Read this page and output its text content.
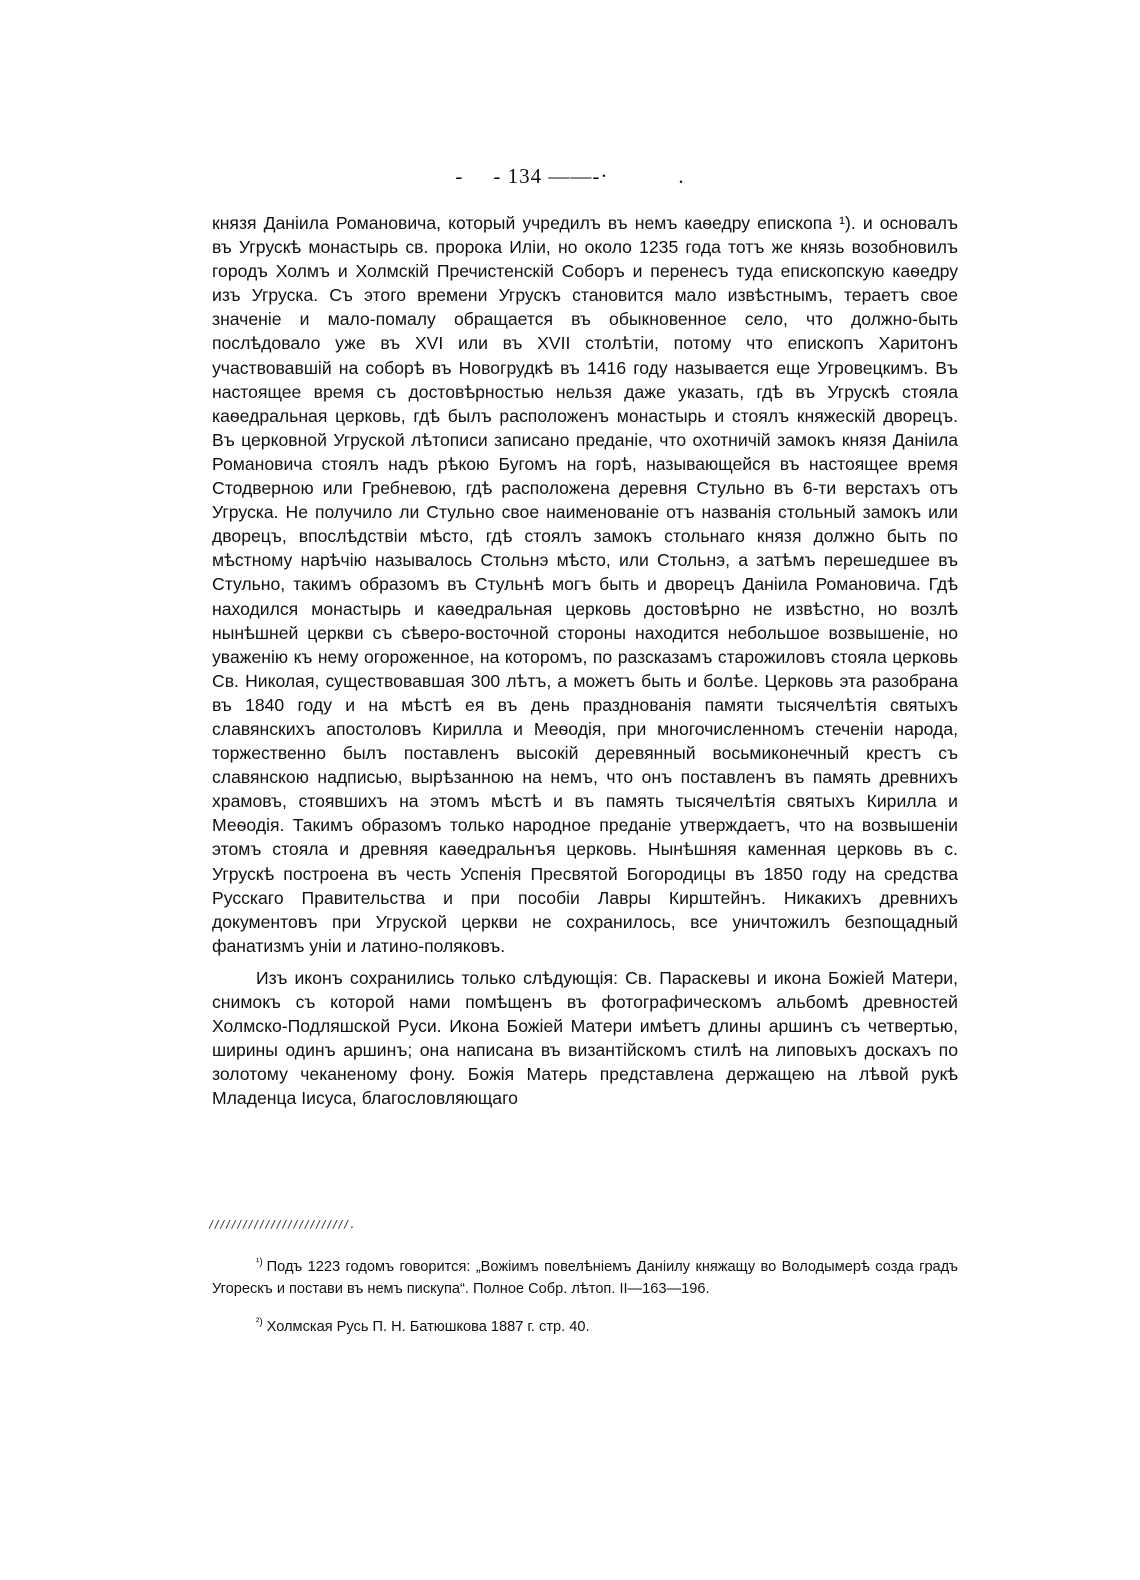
- - 134 ——-·	.

князя Даніила Романовича, который учредилъ въ немъ каѳедру епископа ¹). и основалъ въ Угрускѣ монастырь св. пророка Иліи, но около 1235 года тотъ же князь возобновилъ городъ Холмъ и Холмскій Пречистенскій Соборъ и перенесъ туда епископскую каѳедру изъ Угруска. Съ этого времени Угрускъ становится мало извѣстнымъ, тераетъ свое значеніе и мало-помалу обращается въ обыкновенное село, что должно-быть послѣдовало уже въ XVI или въ XVII столѣтіи, потому что епископъ Харитонъ участвовавшій на соборѣ въ Новогрудкѣ въ 1416 году называется еще Угровецкимъ. Въ настоящее время съ достовѣрностью нельзя даже указать, гдѣ въ Угрускѣ стояла каѳедральная церковь, гдѣ былъ расположенъ монастырь и стоялъ княжескій дворецъ. Въ церковной Угруской лѣтописи записано преданіе, что охотничій замокъ князя Даніила Романовича стоялъ надъ рѣкою Бугомъ на горѣ, называющейся въ настоящее время Стодверною или Гребневою, гдѣ расположена деревня Стульно въ 6-ти верстахъ отъ Угруска. Не получило ли Стульно свое наименованіе отъ названія стольный замокъ или дворецъ, впослѣдствіи мѣсто, гдѣ стоялъ замокъ стольнаго князя должно быть по мѣстному нарѣчію называлось Стольнэ мѣсто, или Стольнэ, а затѣмъ перешедшее въ Стульно, такимъ образомъ въ Стульнѣ могъ быть и дворецъ Даніила Романовича. Гдѣ находился монастырь и каѳедральная церковь достовѣрно не извѣстно, но возлѣ нынѣшней церкви съ сѣверо-восточной стороны находится небольшое возвышеніе, но уваженію къ нему огороженное, на которомъ, по разсказамъ старожиловъ стояла церковь Св. Николая, существовавшая 300 лѣтъ, а можетъ быть и болѣе. Церковь эта разобрана въ 1840 году и на мѣстѣ ея въ день празднованія памяти тысячелѣтія святыхъ славянскихъ апостоловъ Кирилла и Меѳодія, при многочисленномъ стеченіи народа, торжественно былъ поставленъ высокій деревянный восьмиконечный крестъ съ славянскою надписью, вырѣзанною на немъ, что онъ поставленъ въ память древнихъ храмовъ, стоявшихъ на этомъ мѣстѣ и въ память тысячелѣтія святыхъ Кирилла и Меѳодія. Такимъ образомъ только народное преданіе утверждаетъ, что на возвышеніи этомъ стояла и древняя каѳедральнъя церковь. Нынѣшняя каменная церковь въ с. Угрускѣ построена въ честь Успенія Пресвятой Богородицы въ 1850 году на средства Русскаго Правительства и при пособіи Лавры Кирштейнъ. Никакихъ древнихъ документовъ при Угруской церкви не сохранилось, все уничтожилъ безпощадный фанатизмъ уніи и латино-поляковъ.

Изъ иконъ сохранились только слѣдующія: Св. Параскевы и икона Божіей Матери, снимокъ съ которой нами помѣщенъ въ фотографическомъ альбомѣ древностей Холмско-Подляшской Руси. Икона Божіей Матери имѣетъ длины аршинъ съ четвертью, ширины одинъ аршинъ; она написана въ византійскомъ стилѣ на липовыхъ доскахъ по золотому чеканеному фону. Божія Матерь представлена держащею на лѣвой рукѣ Младенца Іисуса, благословляющаго

/////////////////////////.

$^{^1)}$ Подъ 1223 годомъ говорится: „Вожіимъ повелѣніемъ Даніилу княжащу во Володымерѣ созда градъ Угорескъ и постави въ немъ пискупа“. Полное Собр. лѣтоп. II—163—196.

$^{^2)}$ Холмская Русь П. Н. Батюшкова 1887 г. стр. 40.
